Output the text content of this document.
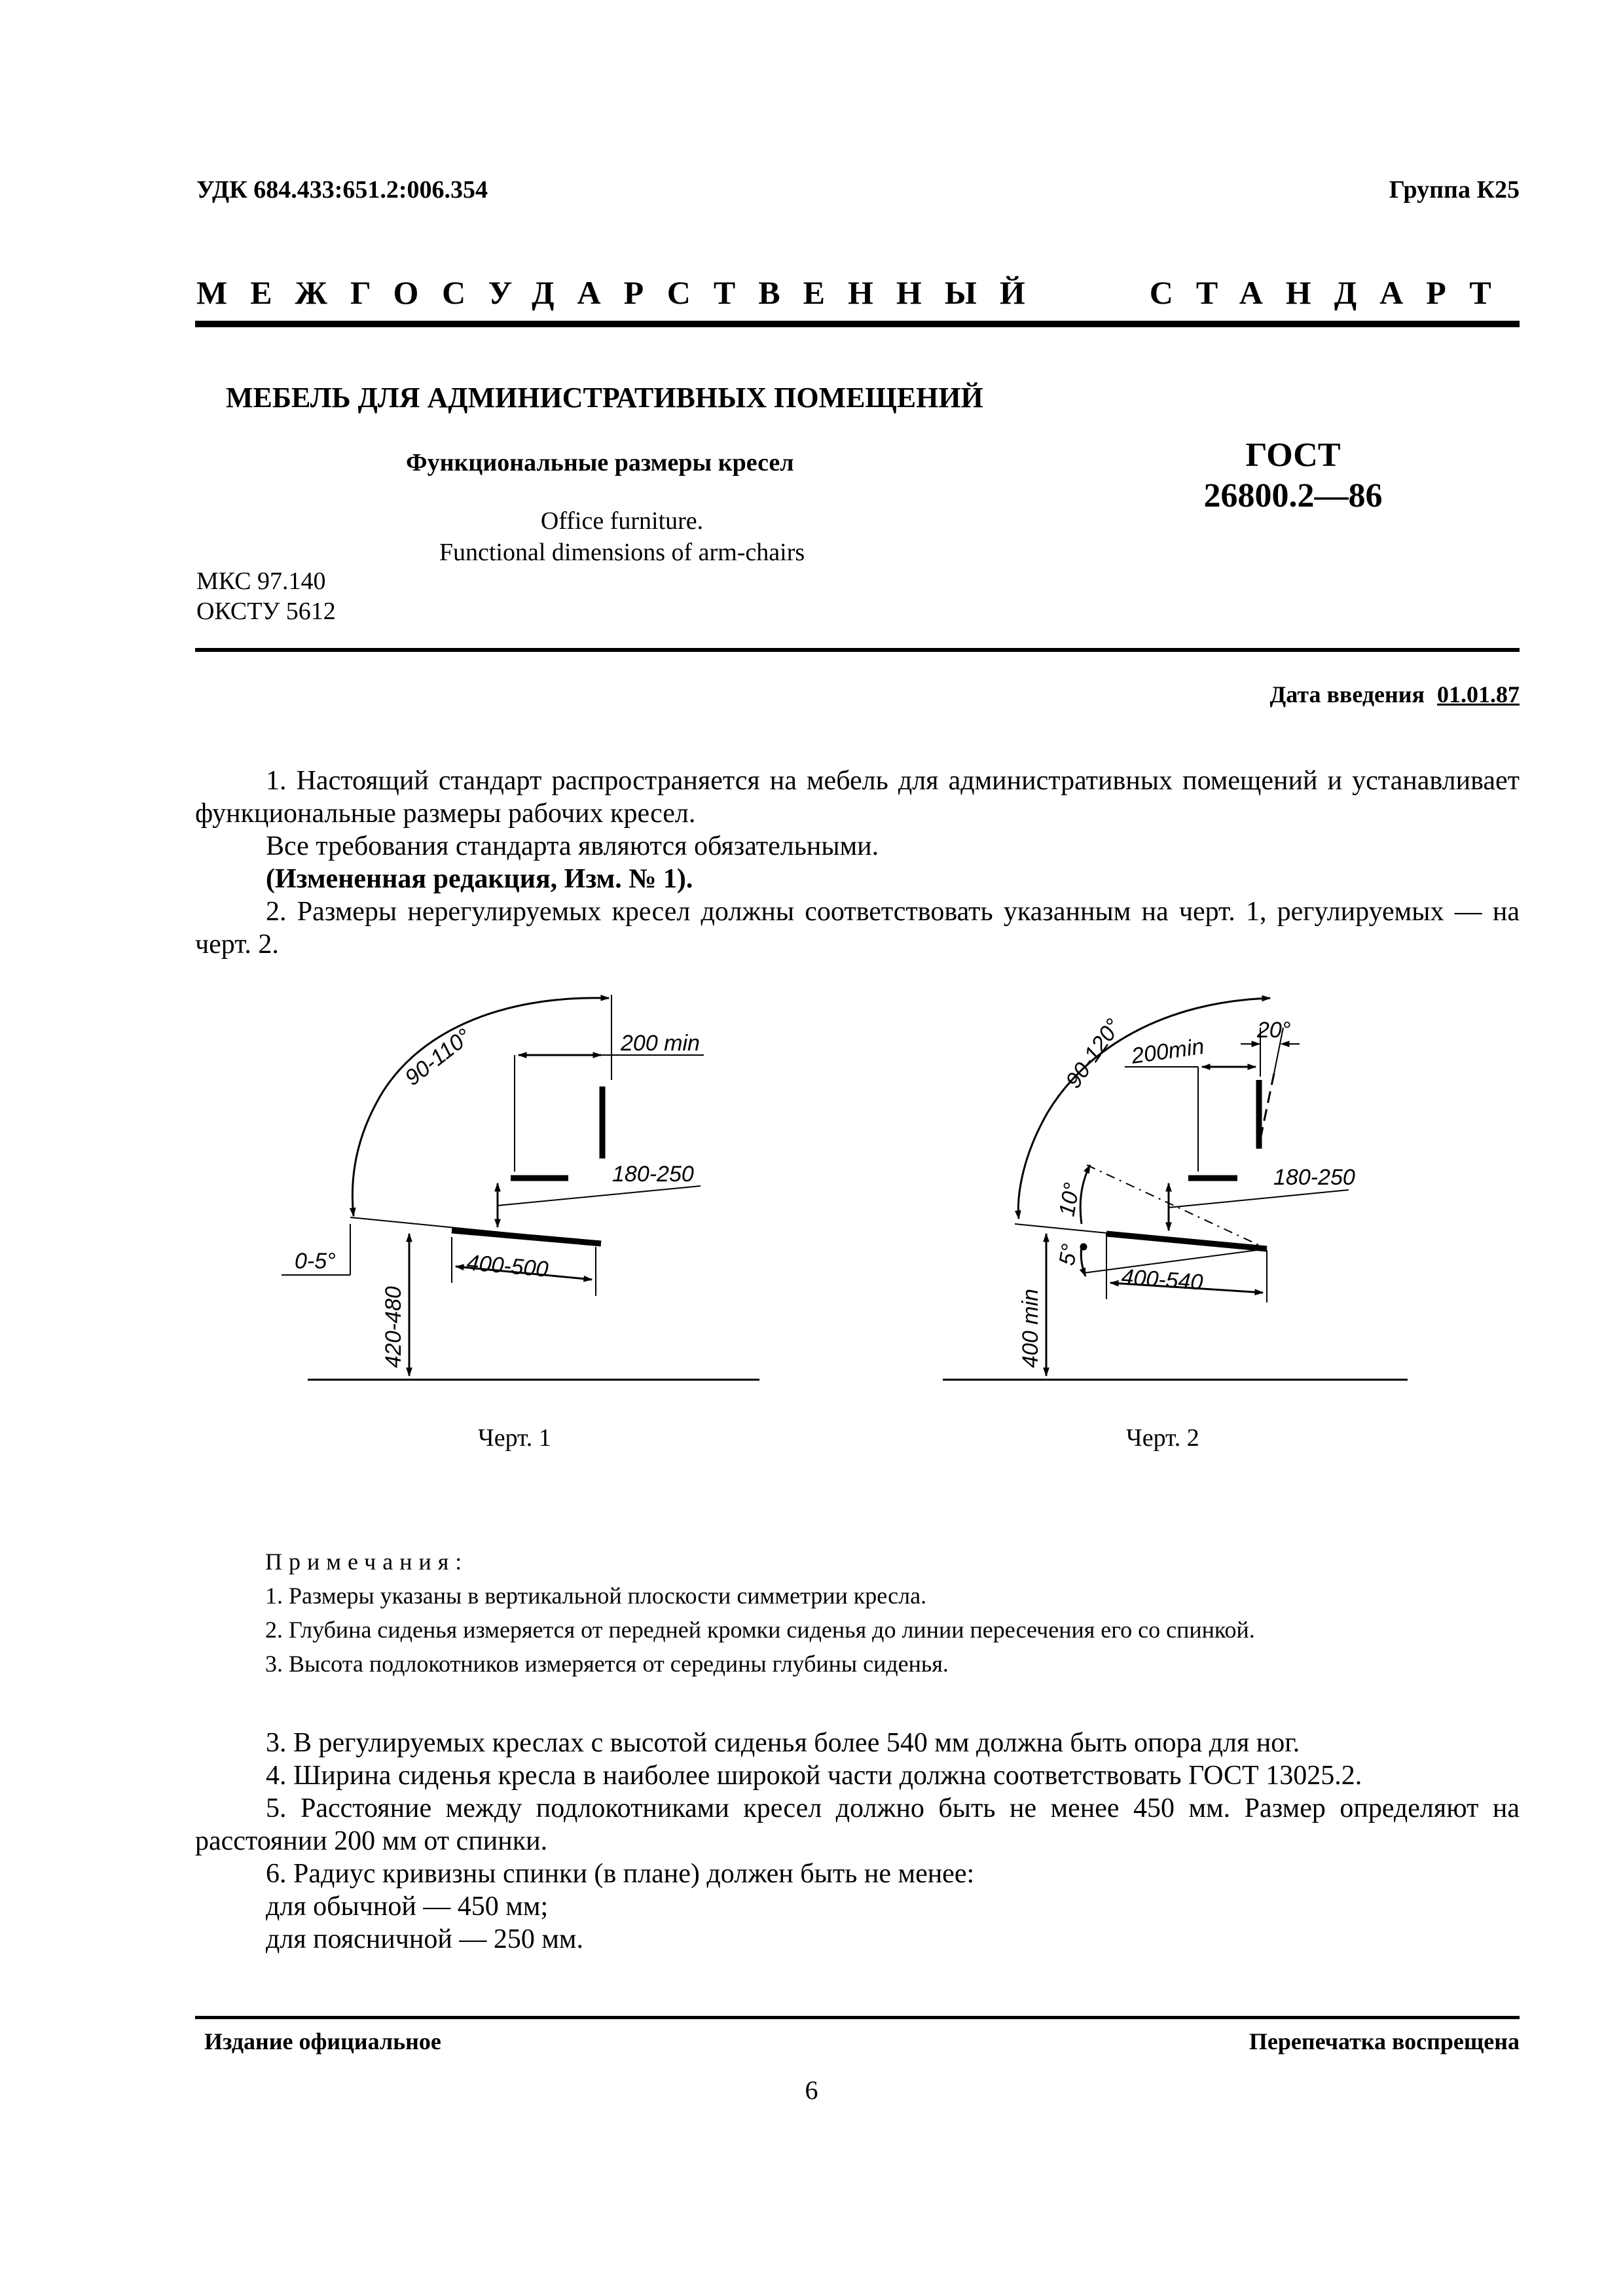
УДК 684.433:651.2:006.354	Группа К25
МЕЖГОСУДАРСТВЕННЫЙ	СТАНДАРТ
МЕБЕЛЬ ДЛЯ АДМИНИСТРАТИВНЫХ ПОМЕЩЕНИЙ
Функциональные размеры кресел
Office furniture.
Functional dimensions of arm-chairs
ГОСТ
26800.2—86
МКС 97.140
ОКСТУ 5612
Дата введения 01.01.87
1. Настоящий стандарт распространяется на мебель для административных помещений и устанавливает функциональные размеры рабочих кресел.
Все требования стандарта являются обязательными.
(Измененная редакция, Изм. № 1).
2. Размеры нерегулируемых кресел должны соответствовать указанным на черт. 1, регулируемых — на черт. 2.
90-110°	200 min
180-250
400-500
0-5°
420-480
90-120° 200min
20°
180-250
10°
5°
400-540
400 min
Черт. 1	Черт. 2
Примечания:
1. Размеры указаны в вертикальной плоскости симметрии кресла.
2. Глубина сиденья измеряется от передней кромки сиденья до линии пересечения его со спинкой.
3. Высота подлокотников измеряется от середины глубины сиденья.
3. В регулируемых креслах с высотой сиденья более 540 мм должна быть опора для ног.
4. Ширина сиденья кресла в наиболее широкой части должна соответствовать ГОСТ 13025.2.
5. Расстояние между подлокотниками кресел должно быть не менее 450 мм. Размер определяют на расстоянии 200 мм от спинки.
6. Радиус кривизны спинки (в плане) должен быть не менее:
для обычной — 450 мм;
для поясничной — 250 мм.
Издание официальное	Перепечатка воспрещена
6
